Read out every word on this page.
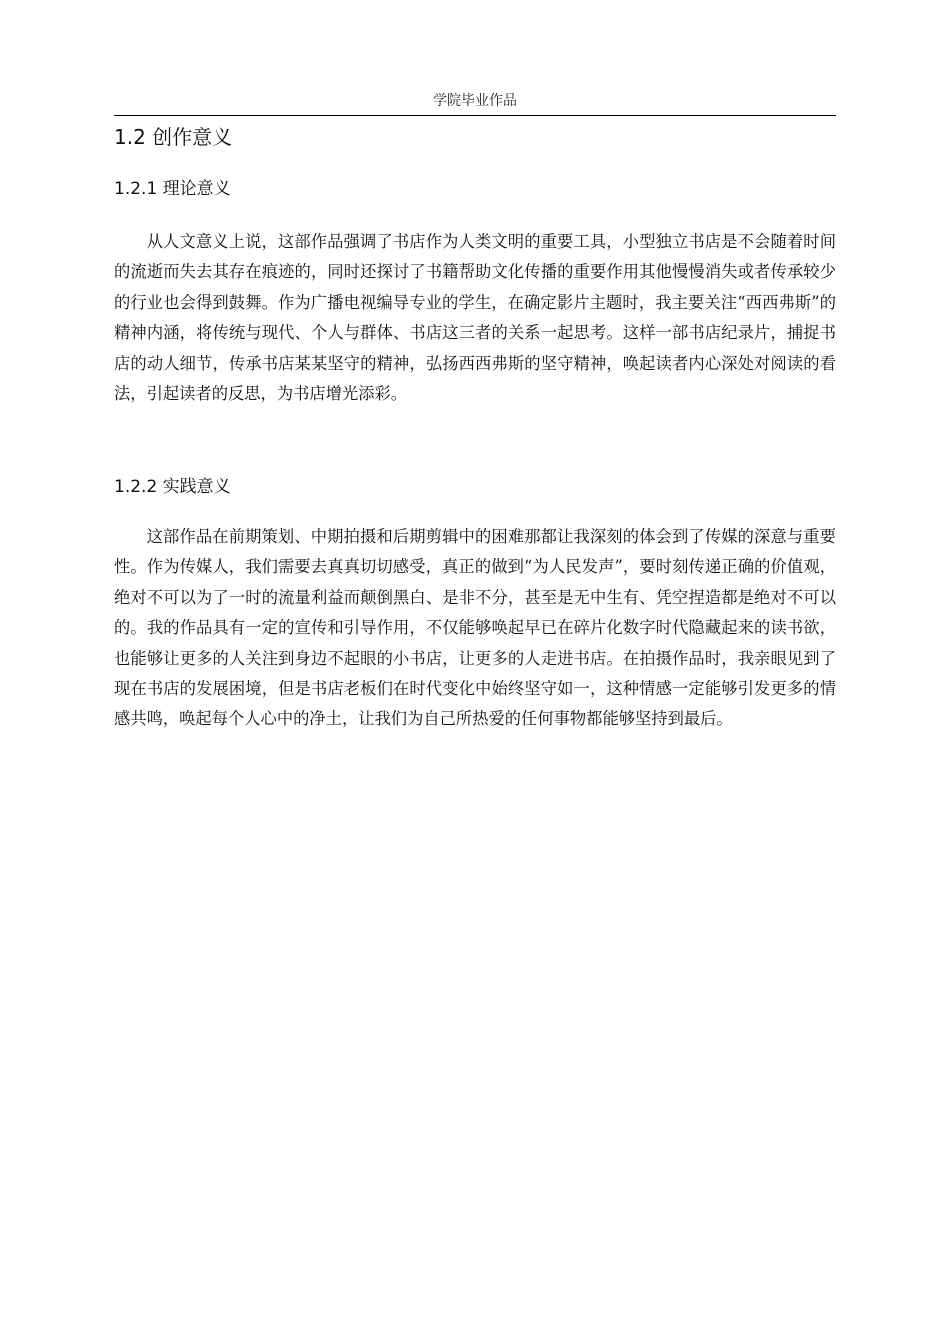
学院毕业作品
1.2 创作意义
1.2.1 理论意义

从人文意义上说，这部作品强调了书店作为人类文明的重要工具，小型独立书店是不会随着时间的流逝而失去其存在痕迹的，同时还探讨了书籍帮助文化传播的重要作用其他慢慢消失或者传承较少的行业也会得到鼓舞。作为广播电视编导专业的学生，在确定影片主题时，我主要关注“西西弗斯”的精神内涵，将传统与现代、个人与群体、书店这三者的关系一起思考。这样一部书店纪录片，捕捉书店的动人细节，传承书店某某坚守的精神，弘扬西西弗斯的坚守精神，唤起读者内心深处对阅读的看法，引起读者的反思，为书店增光添彩。

1.2.2 实践意义

这部作品在前期策划、中期拍摄和后期剪辑中的困难那都让我深刻的体会到了传媒的深意与重要性。作为传媒人，我们需要去真真切切感受，真正的做到“为人民发声”，要时刻传递正确的价值观，绝对不可以为了一时的流量利益而颠倒黑白、是非不分，甚至是无中生有、凭空捏造都是绝对不可以的。我的作品具有一定的宣传和引导作用，不仅能够唤起早已在碎片化数字时代隐藏起来的读书欲，也能够让更多的人关注到身边不起眼的小书店，让更多的人走进书店。在拍摄作品时，我亲眼见到了现在书店的发展困境，但是书店老板们在时代变化中始终坚守如一，这种情感一定能够引发更多的情感共鸣，唤起每个人心中的净土，让我们为自己所热爱的任何事物都能够坚持到最后。
